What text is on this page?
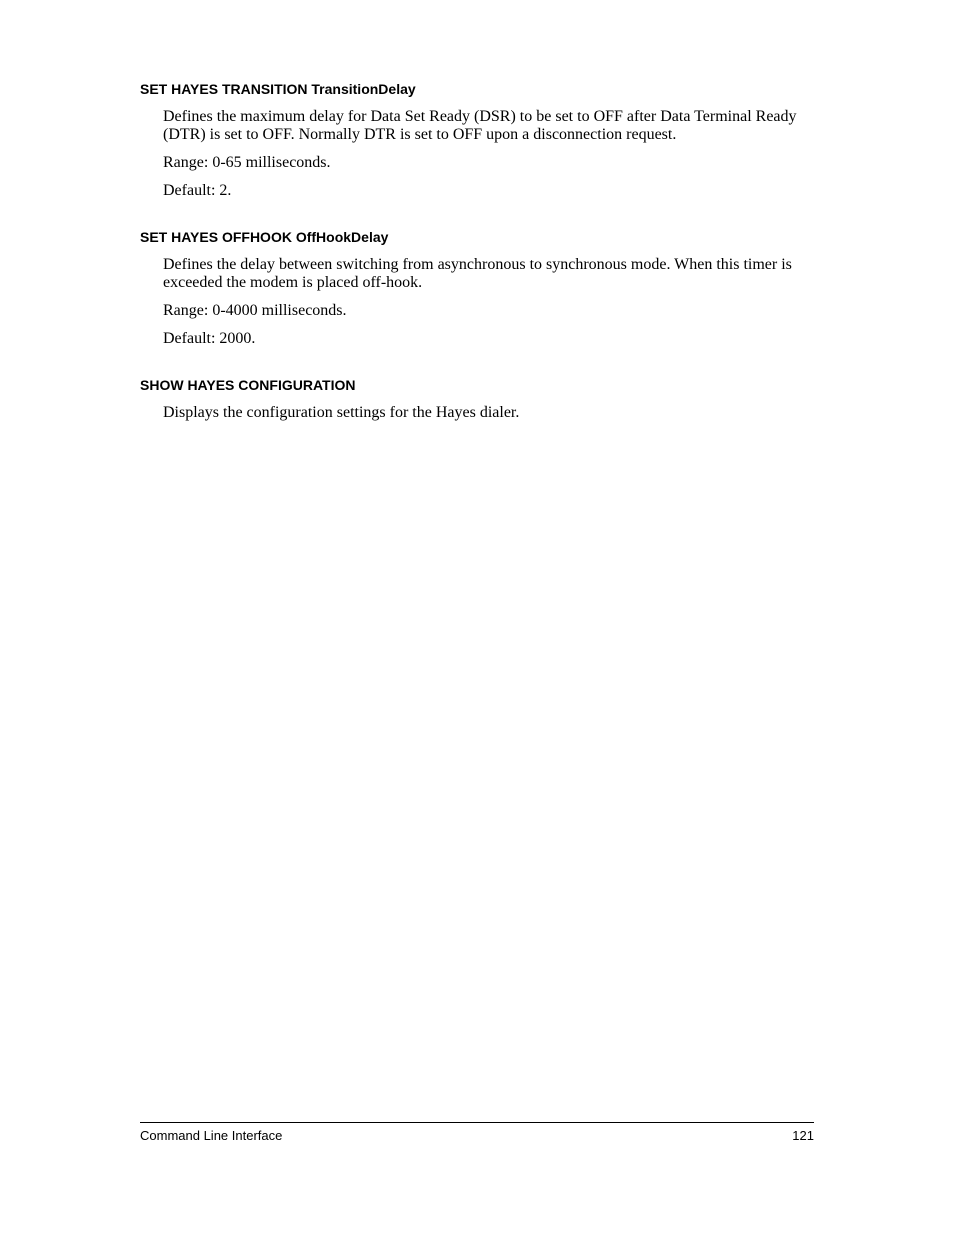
SET HAYES TRANSITION TransitionDelay

Defines the maximum delay for Data Set Ready (DSR) to be set to OFF after Data Terminal Ready (DTR) is set to OFF. Normally DTR is set to OFF upon a disconnection request.

Range: 0-65 milliseconds.

Default: 2.

SET HAYES OFFHOOK OffHookDelay

Defines the delay between switching from asynchronous to synchronous mode. When this timer is exceeded the modem is placed off-hook.

Range: 0-4000 milliseconds.

Default: 2000.

SHOW HAYES CONFIGURATION

Displays the configuration settings for the Hayes dialer.

Command Line Interface	121
